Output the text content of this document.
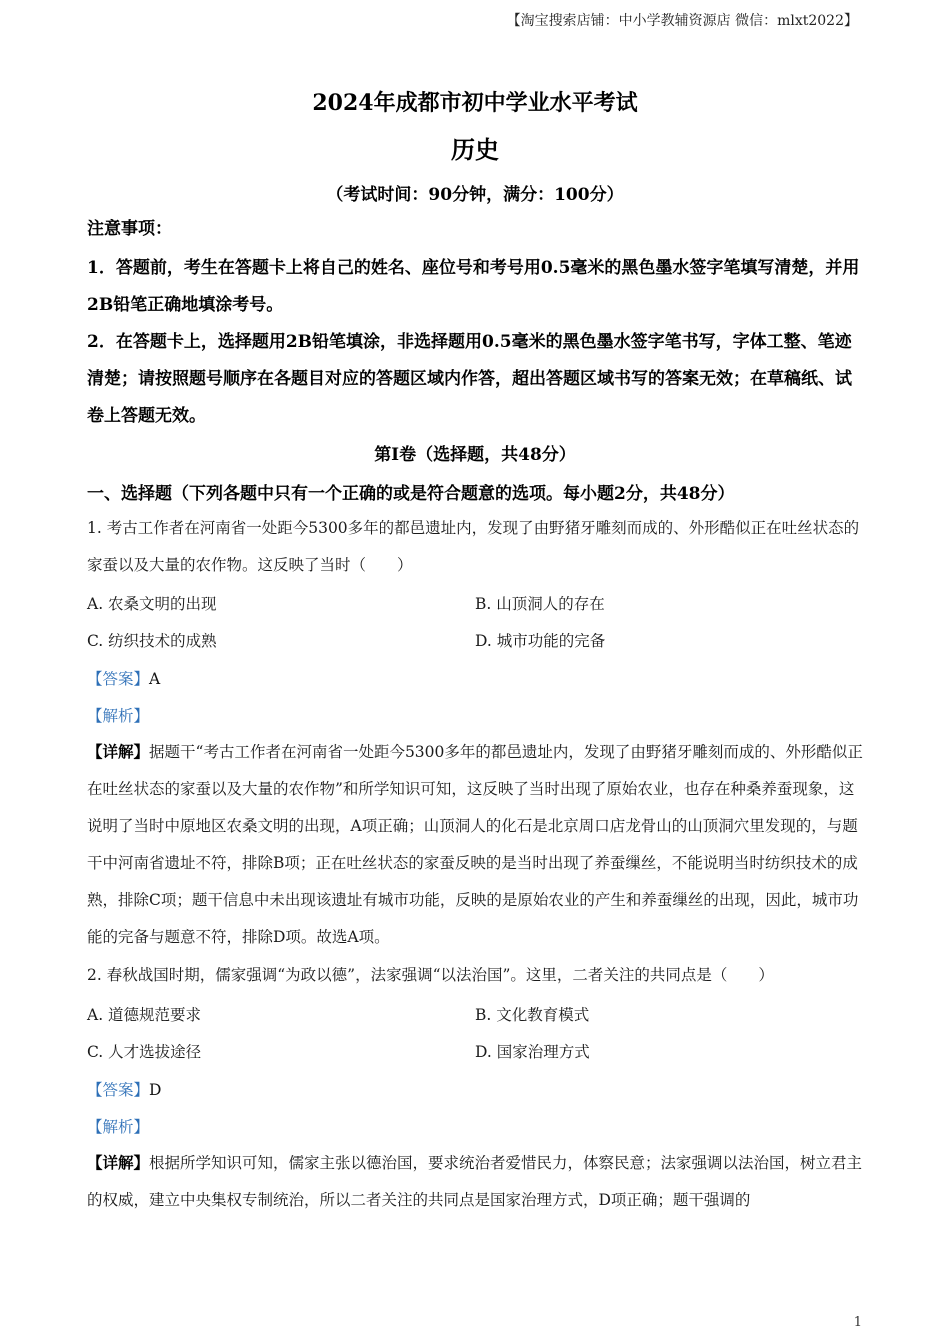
【淘宝搜索店铺：中小学教辅资源店 微信：mlxt2022】
2024年成都市初中学业水平考试
历史
（考试时间：90分钟，满分：100分）
注意事项：
1．答题前，考生在答题卡上将自己的姓名、座位号和考号用0.5毫米的黑色墨水签字笔填写清楚，并用2B铅笔正确地填涂考号。
2．在答题卡上，选择题用2B铅笔填涂，非选择题用0.5毫米的黑色墨水签字笔书写，字体工整、笔迹清楚；请按照题号顺序在各题目对应的答题区域内作答，超出答题区域书写的答案无效；在草稿纸、试卷上答题无效。
第Ⅰ卷（选择题，共48分）
一、选择题（下列各题中只有一个正确的或是符合题意的选项。每小题2分，共48分）
1. 考古工作者在河南省一处距今5300多年的都邑遗址内，发现了由野猪牙雕刻而成的、外形酷似正在吐丝状态的家蚕以及大量的农作物。这反映了当时（　　）
A. 农桑文明的出现	B. 山顶洞人的存在
C. 纺织技术的成熟	D. 城市功能的完备
【答案】A
【解析】
【详解】据题干“考古工作者在河南省一处距今5300多年的都邑遗址内，发现了由野猪牙雕刻而成的、外形酷似正在吐丝状态的家蚕以及大量的农作物”和所学知识可知，这反映了当时出现了原始农业，也存在种桑养蚕现象，这说明了当时中原地区农桑文明的出现，A项正确；山顶洞人的化石是北京周口店龙骨山的山顶洞穴里发现的，与题干中河南省遗址不符，排除B项；正在吐丝状态的家蚕反映的是当时出现了养蚕缫丝，不能说明当时纺织技术的成熟，排除C项；题干信息中未出现该遗址有城市功能，反映的是原始农业的产生和养蚕缫丝的出现，因此，城市功能的完备与题意不符，排除D项。故选A项。
2. 春秋战国时期，儒家强调“为政以德”，法家强调“以法治国”。这里，二者关注的共同点是（　　）
A. 道德规范要求	B. 文化教育模式
C. 人才选拔途径	D. 国家治理方式
【答案】D
【解析】
【详解】根据所学知识可知，儒家主张以德治国，要求统治者爱惜民力，体察民意；法家强调以法治国，树立君主的权威，建立中央集权专制统治，所以二者关注的共同点是国家治理方式，D项正确；题干强调的
1
